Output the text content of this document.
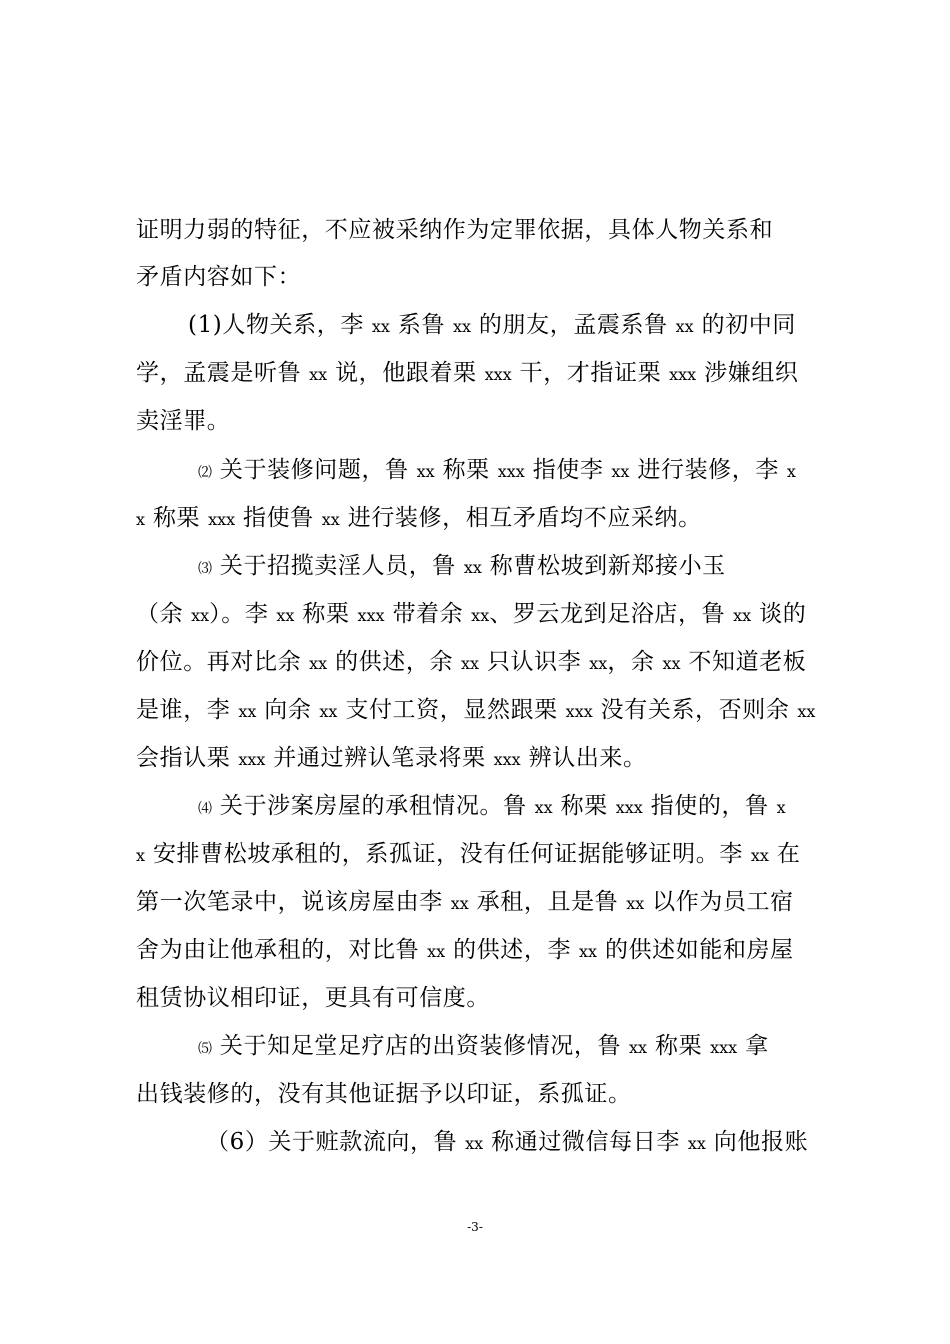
证明力弱的特征，不应被采纳作为定罪依据，具体人物关系和
矛盾内容如下：
(1)人物关系，李 xx 系鲁 xx 的朋友，孟震系鲁 xx 的初中同
学，孟震是听鲁 xx 说，他跟着栗 xxx 干，才指证栗 xxx 涉嫌组织
卖淫罪。
⑵ 关于装修问题，鲁 xx 称栗 xxx 指使李 xx 进行装修，李 x
x 称栗 xxx 指使鲁 xx 进行装修，相互矛盾均不应采纳。
⑶ 关于招揽卖淫人员，鲁 xx 称曹松坡到新郑接小玉
（余 xx）。李 xx 称栗 xxx 带着余 xx、罗云龙到足浴店，鲁 xx 谈的
价位。再对比余 xx 的供述，余 xx 只认识李 xx，余 xx 不知道老板
是谁，李 xx 向余 xx 支付工资，显然跟栗 xxx 没有关系，否则余 xx
会指认栗 xxx 并通过辨认笔录将栗 xxx 辨认出来。
⑷ 关于涉案房屋的承租情况。鲁 xx 称栗 xxx 指使的，鲁 x
x 安排曹松坡承租的，系孤证，没有任何证据能够证明。李 xx 在
第一次笔录中，说该房屋由李 xx 承租，且是鲁 xx 以作为员工宿
舍为由让他承租的，对比鲁 xx 的供述，李 xx 的供述如能和房屋
租赁协议相印证，更具有可信度。
⑸ 关于知足堂足疗店的出资装修情况，鲁 xx 称栗 xxx 拿
出钱装修的，没有其他证据予以印证，系孤证。
（6）关于赃款流向，鲁 xx 称通过微信每日李 xx 向他报账
-3-
